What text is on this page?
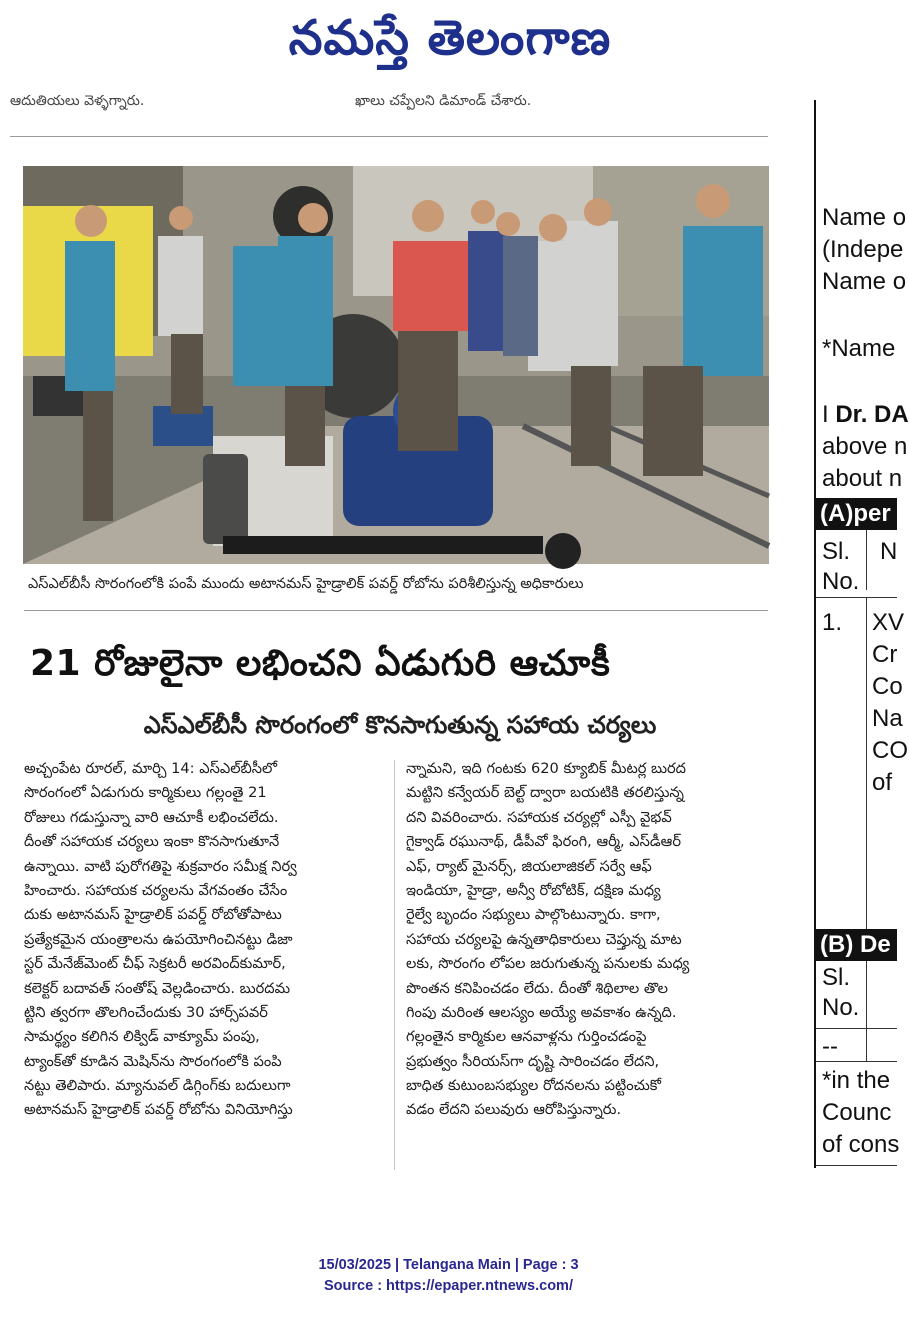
నమస్తే తెలంగాణ
ఆదుతియలు వెళ్ళగ్నారు.	ఖాలు చప్పేలని డిమాండ్ చేశారు.
ఎస్‌ఎల్‌బీసీ సొరంగంలోకి పంపే ముందు అటానమస్ హైడ్రాలిక్ పవర్డ్ రోబోను పరిశీలిస్తున్న అధికారులు
21 రోజులైనా లభించని ఏడుగురి ఆచూకీ
ఎస్‌ఎల్‌బీసీ సొరంగంలో కొనసాగుతున్న సహాయ చర్యలు

అచ్చంపేట రూరల్, మార్చి 14: ఎస్‌ఎల్‌బీసీలో

సొరంగంలో ఏడుగురు కార్మికులు గల్లంతై 21

రోజులు గడుస్తున్నా వారి ఆచూకీ లభించలేదు.

దీంతో సహాయక చర్యలు ఇంకా కొనసాగుతూనే

ఉన్నాయి. వాటి పురోగతిపై శుక్రవారం సమీక్ష నిర్వ

హించారు. సహాయక చర్యలను వేగవంతం చేసేం

దుకు అటానమస్ హైడ్రాలిక్ పవర్డ్ రోబోతోపాటు

ప్రత్యేకమైన యంత్రాలను ఉపయోగించినట్టు డిజా

స్టర్ మేనేజ్‌మెంట్ చీఫ్ సెక్రటరీ అరవింద్‌కుమార్,

కలెక్టర్ బదావత్ సంతోష్ వెల్లడించారు. బురదమ

ట్టిని త్వరగా తొలగించేందుకు 30 హార్స్‌పవర్

సామర్థ్యం కలిగిన లిక్విడ్ వాక్యూమ్ పంపు,

ట్యాంక్‌తో కూడిన మెషిన్‌ను సొరంగంలోకి పంపి

నట్టు తెలిపారు. మ్యానువల్ డిగ్గింగ్‌కు బదులుగా

అటానమస్ హైడ్రాలిక్ పవర్డ్ రోబోను వినియోగిస్తు

న్నామని, ఇది గంటకు 620 క్యూబిక్ మీటర్ల బురద

మట్టిని కన్వేయర్ బెల్ట్ ద్వారా బయటికి తరలిస్తున్న

దని వివరించారు. సహాయక చర్యల్లో ఎస్పీ వైభవ్

గైక్వాడ్ రఘునాథ్, డీపీవో ఫిరంగి, ఆర్మీ, ఎస్‌డీఆర్

ఎఫ్, ర్యాట్ మైనర్స్, జియలాజికల్ సర్వే ఆఫ్

ఇండియా, హైడ్రా, అన్వీ రోబోటిక్, దక్షిణ మధ్య

రైల్వే బృందం సభ్యులు పాల్గొంటున్నారు. కాగా,

సహాయ చర్యలపై ఉన్నతాధికారులు చెప్తున్న మాట

లకు, సొరంగం లోపల జరుగుతున్న పనులకు మధ్య

పొంతన కనిపించడం లేదు. దీంతో శిథిలాల తొల

గింపు మరింత ఆలస్యం అయ్యే అవకాశం ఉన్నది.

గల్లంతైన కార్మికుల ఆనవాళ్లను గుర్తించడంపై

ప్రభుత్వం సీరియస్‌గా దృష్టి సారించడం లేదని,

బాధిత కుటుంబసభ్యుల రోదనలను పట్టించుకో

వడం లేదని పలువురు ఆరోపిస్తున్నారు.

Name o
(Indepe
Name o
*Name
I Dr. DA
above n
about n
(A)per
Sl.
No.
N
1. XV
Cr
Co
Na
CO
of
(B) De
Sl.
No.
--
*in the
Counc
of cons
15/03/2025 | Telangana Main | Page : 3
Source : https://epaper.ntnews.com/
